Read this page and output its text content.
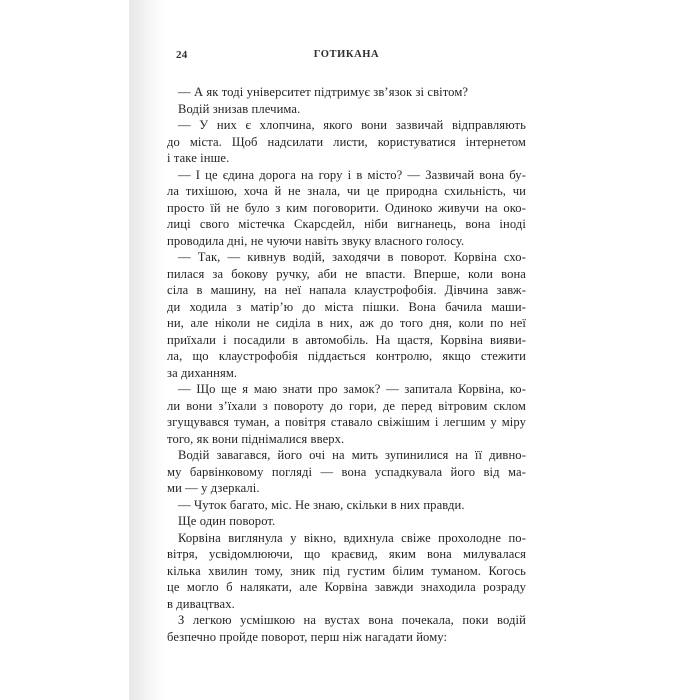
24	ГОТИКАНА
— А як тоді університет підтримує зв’язок зі світом?
Водій знизав плечима.
— У них є хлопчина, якого вони зазвичай відправляють
до міста. Щоб надсилати листи, користуватися інтернетом
і таке інше.
— І це єдина дорога на гору і в місто? — Зазвичай вона бу-
ла тихішою, хоча й не знала, чи це природна схильність, чи
просто їй не було з ким поговорити. Одиноко живучи на око-
лиці свого містечка Скарсдейл, ніби вигнанець, вона іноді
проводила дні, не чуючи навіть звуку власного голосу.
— Так, — кивнув водій, заходячи в поворот. Корвіна схо-
пилася за бокову ручку, аби не впасти. Вперше, коли вона
сіла в машину, на неї напала клаустрофобія. Дівчина завж-
ди ходила з матір’ю до міста пішки. Вона бачила маши-
ни, але ніколи не сиділа в них, аж до того дня, коли по неї
приїхали і посадили в автомобіль. На щастя, Корвіна вияви-
ла, що клаустрофобія піддається контролю, якщо стежити
за диханням.
— Що ще я маю знати про замок? — запитала Корвіна, ко-
ли вони з’їхали з повороту до гори, де перед вітровим склом
згущувався туман, а повітря ставало свіжішим і легшим у міру
того, як вони піднімалися вверх.
Водій завагався, його очі на мить зупинилися на її дивно-
му барвінковому погляді — вона успадкувала його від ма-
ми — у дзеркалі.
— Чуток багато, міс. Не знаю, скільки в них правди.
Ще один поворот.
Корвіна виглянула у вікно, вдихнула свіже прохолодне по-
вітря, усвідомлюючи, що краєвид, яким вона милувалася
кілька хвилин тому, зник під густим білим туманом. Когось
це могло б налякати, але Корвіна завжди знаходила розраду
в дивацтвах.
З легкою усмішкою на вустах вона почекала, поки водій
безпечно пройде поворот, перш ніж нагадати йому:
